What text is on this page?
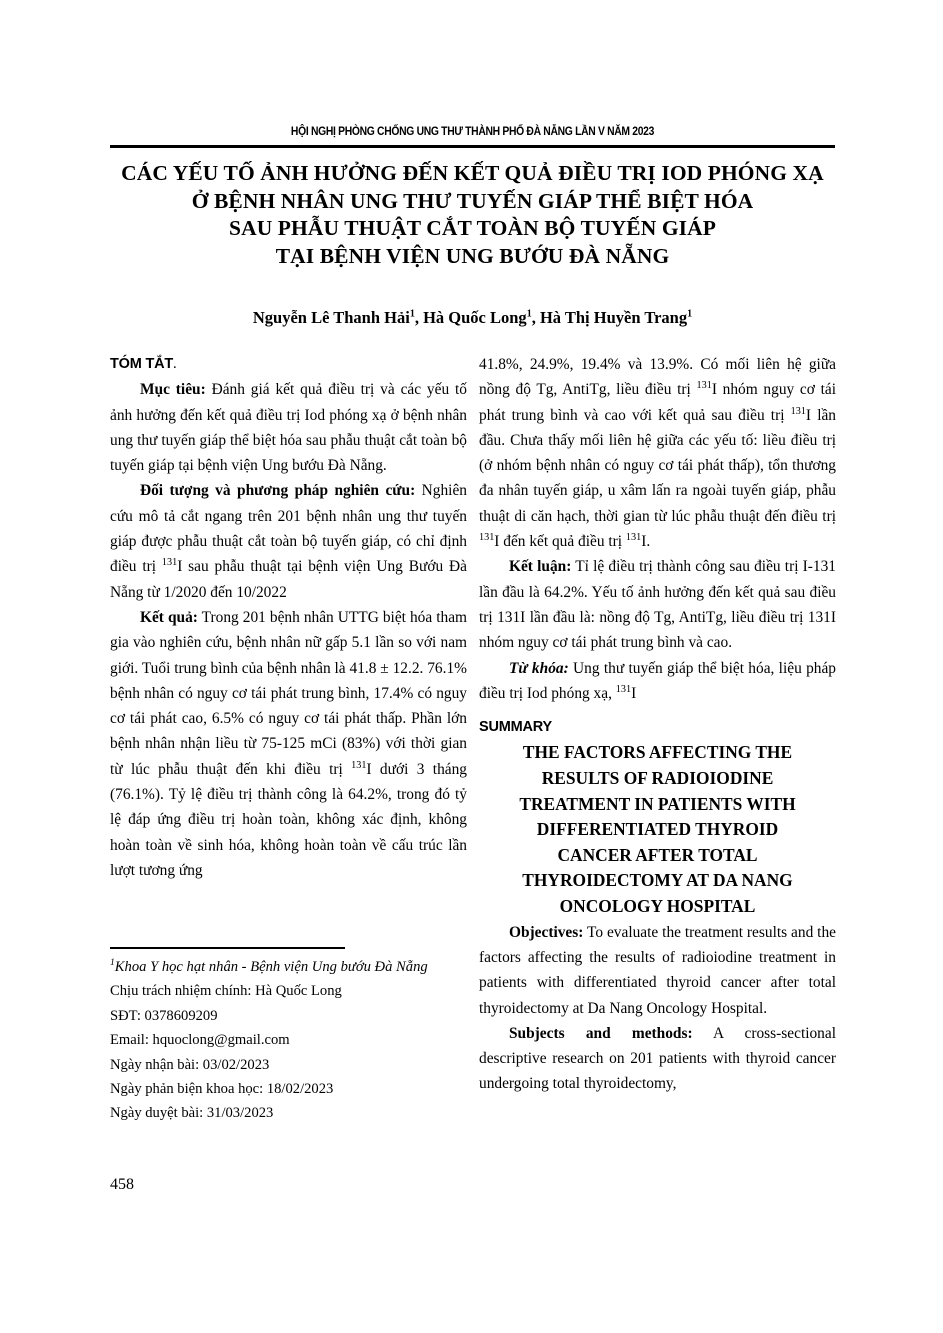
HỘI NGHỊ PHÒNG CHỐNG UNG THƯ THÀNH PHỐ ĐÀ NẴNG LẦN V NĂM 2023
CÁC YẾU TỐ ẢNH HƯỞNG ĐẾN KẾT QUẢ ĐIỀU TRỊ IOD PHÓNG XẠ
Ở BỆNH NHÂN UNG THƯ TUYẾN GIÁP THỂ BIỆT HÓA
SAU PHẪU THUẬT CẮT TOÀN BỘ TUYẾN GIÁP
TẠI BỆNH VIỆN UNG BƯỚU ĐÀ NẴNG
Nguyễn Lê Thanh Hải$^1$, Hà Quốc Long$^1$, Hà Thị Huyền Trang$^1$
TÓM TẮT.
Mục tiêu: Đánh giá kết quả điều trị và các yếu tố ảnh hưởng đến kết quả điều trị Iod phóng xạ ở bệnh nhân ung thư tuyến giáp thể biệt hóa sau phẫu thuật cắt toàn bộ tuyến giáp tại bệnh viện Ung bướu Đà Nẵng.
Đối tượng và phương pháp nghiên cứu: Nghiên cứu mô tả cắt ngang trên 201 bệnh nhân ung thư tuyến giáp được phẫu thuật cắt toàn bộ tuyến giáp, có chỉ định điều trị $^{131}$I sau phẫu thuật tại bệnh viện Ung Bướu Đà Nẵng từ 1/2020 đến 10/2022
Kết quả: Trong 201 bệnh nhân UTTG biệt hóa tham gia vào nghiên cứu, bệnh nhân nữ gấp 5.1 lần so với nam giới. Tuổi trung bình của bệnh nhân là 41.8 ± 12.2. 76.1% bệnh nhân có nguy cơ tái phát trung bình, 17.4% có nguy cơ tái phát cao, 6.5% có nguy cơ tái phát thấp. Phần lớn bệnh nhân nhận liều từ 75-125 mCi (83%) với thời gian từ lúc phẫu thuật đến khi điều trị $^{131}$I dưới 3 tháng (76.1%). Tỷ lệ điều trị thành công là 64.2%, trong đó tỷ lệ đáp ứng điều trị hoàn toàn, không xác định, không hoàn toàn về sinh hóa, không hoàn toàn về cấu trúc lần lượt tương ứng
$^1$Khoa Y học hạt nhân - Bệnh viện Ung bướu Đà Nẵng
Chịu trách nhiệm chính: Hà Quốc Long
SĐT: 0378609209
Email: hquoclong@gmail.com
Ngày nhận bài: 03/02/2023
Ngày phản biện khoa học: 18/02/2023
Ngày duyệt bài: 31/03/2023
41.8%, 24.9%, 19.4% và 13.9%. Có mối liên hệ giữa nồng độ Tg, AntiTg, liều điều trị $^{131}$I nhóm nguy cơ tái phát trung bình và cao với kết quả sau điều trị $^{131}$I lần đầu. Chưa thấy mối liên hệ giữa các yếu tố: liều điều trị (ở nhóm bệnh nhân có nguy cơ tái phát thấp), tổn thương đa nhân tuyến giáp, u xâm lấn ra ngoài tuyến giáp, phẫu thuật di căn hạch, thời gian từ lúc phẫu thuật đến điều trị $^{131}$I đến kết quả điều trị $^{131}$I.
Kết luận: Tỉ lệ điều trị thành công sau điều trị I-131 lần đầu là 64.2%. Yếu tố ảnh hưởng đến kết quả sau điều trị 131I lần đầu là: nồng độ Tg, AntiTg, liều điều trị 131I nhóm nguy cơ tái phát trung bình và cao.
Từ khóa: Ung thư tuyến giáp thể biệt hóa, liệu pháp điều trị Iod phóng xạ, $^{131}$I
SUMMARY
THE FACTORS AFFECTING THE
RESULTS OF RADIOIODINE
TREATMENT IN PATIENTS WITH
DIFFERENTIATED THYROID
CANCER AFTER TOTAL
THYROIDECTOMY AT DA NANG
ONCOLOGY HOSPITAL
Objectives: To evaluate the treatment results and the factors affecting the results of radioiodine treatment in patients with differentiated thyroid cancer after total thyroidectomy at Da Nang Oncology Hospital.
Subjects and methods: A cross-sectional descriptive research on 201 patients with thyroid cancer undergoing total thyroidectomy,
458
